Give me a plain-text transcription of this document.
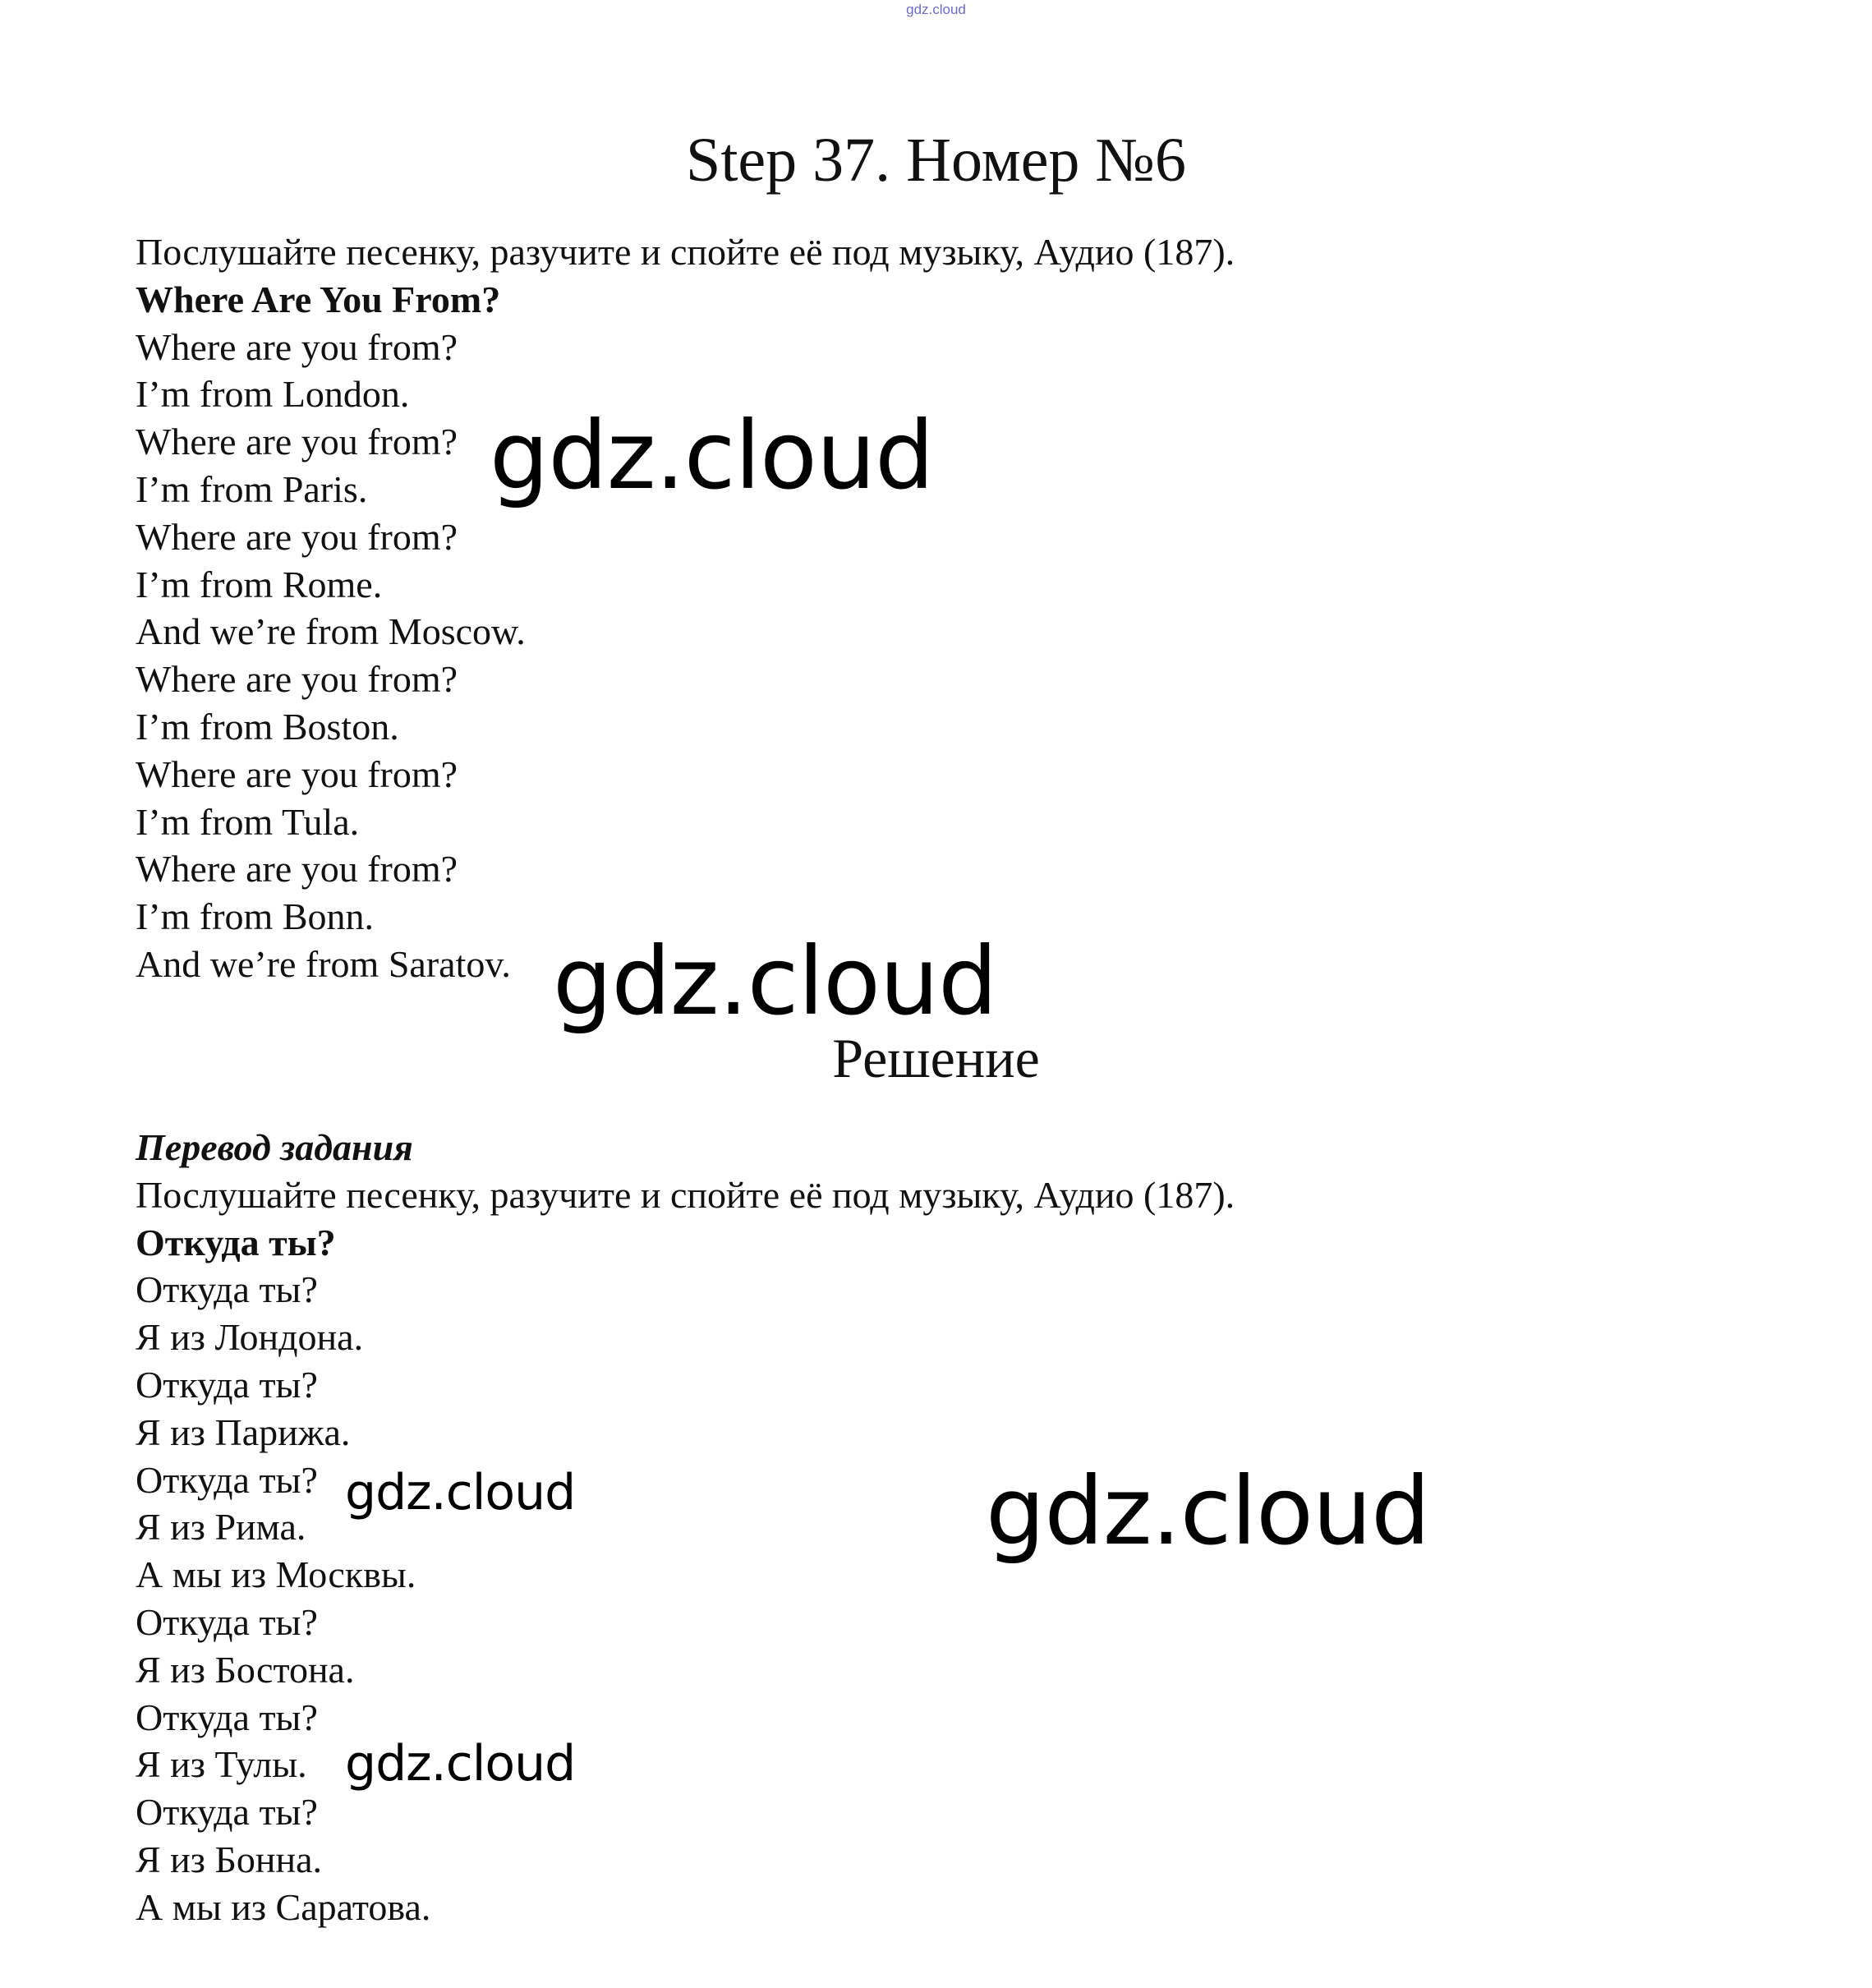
gdz.cloud
Step 37. Номер №6
Послушайте песенку, разучите и спойте её под музыку, Аудио (187).
Where Are You From?
Where are you from?
I’m from London.
Where are you from?
I’m from Paris.
Where are you from?
I’m from Rome.
And we’re from Moscow.
Where are you from?
I’m from Boston.
Where are you from?
I’m from Tula.
Where are you from?
I’m from Bonn.
And we’re from Saratov.
Решение
Перевод задания
Послушайте песенку, разучите и спойте её под музыку, Аудио (187).
Откуда ты?
Откуда ты?
Я из Лондона.
Откуда ты?
Я из Парижа.
Откуда ты?
Я из Рима.
А мы из Москвы.
Откуда ты?
Я из Бостона.
Откуда ты?
Я из Тулы.
Откуда ты?
Я из Бонна.
А мы из Саратова.
gdz.cloud
gdz.cloud
gdz.cloud	gdz.cloud
gdz.cloud
